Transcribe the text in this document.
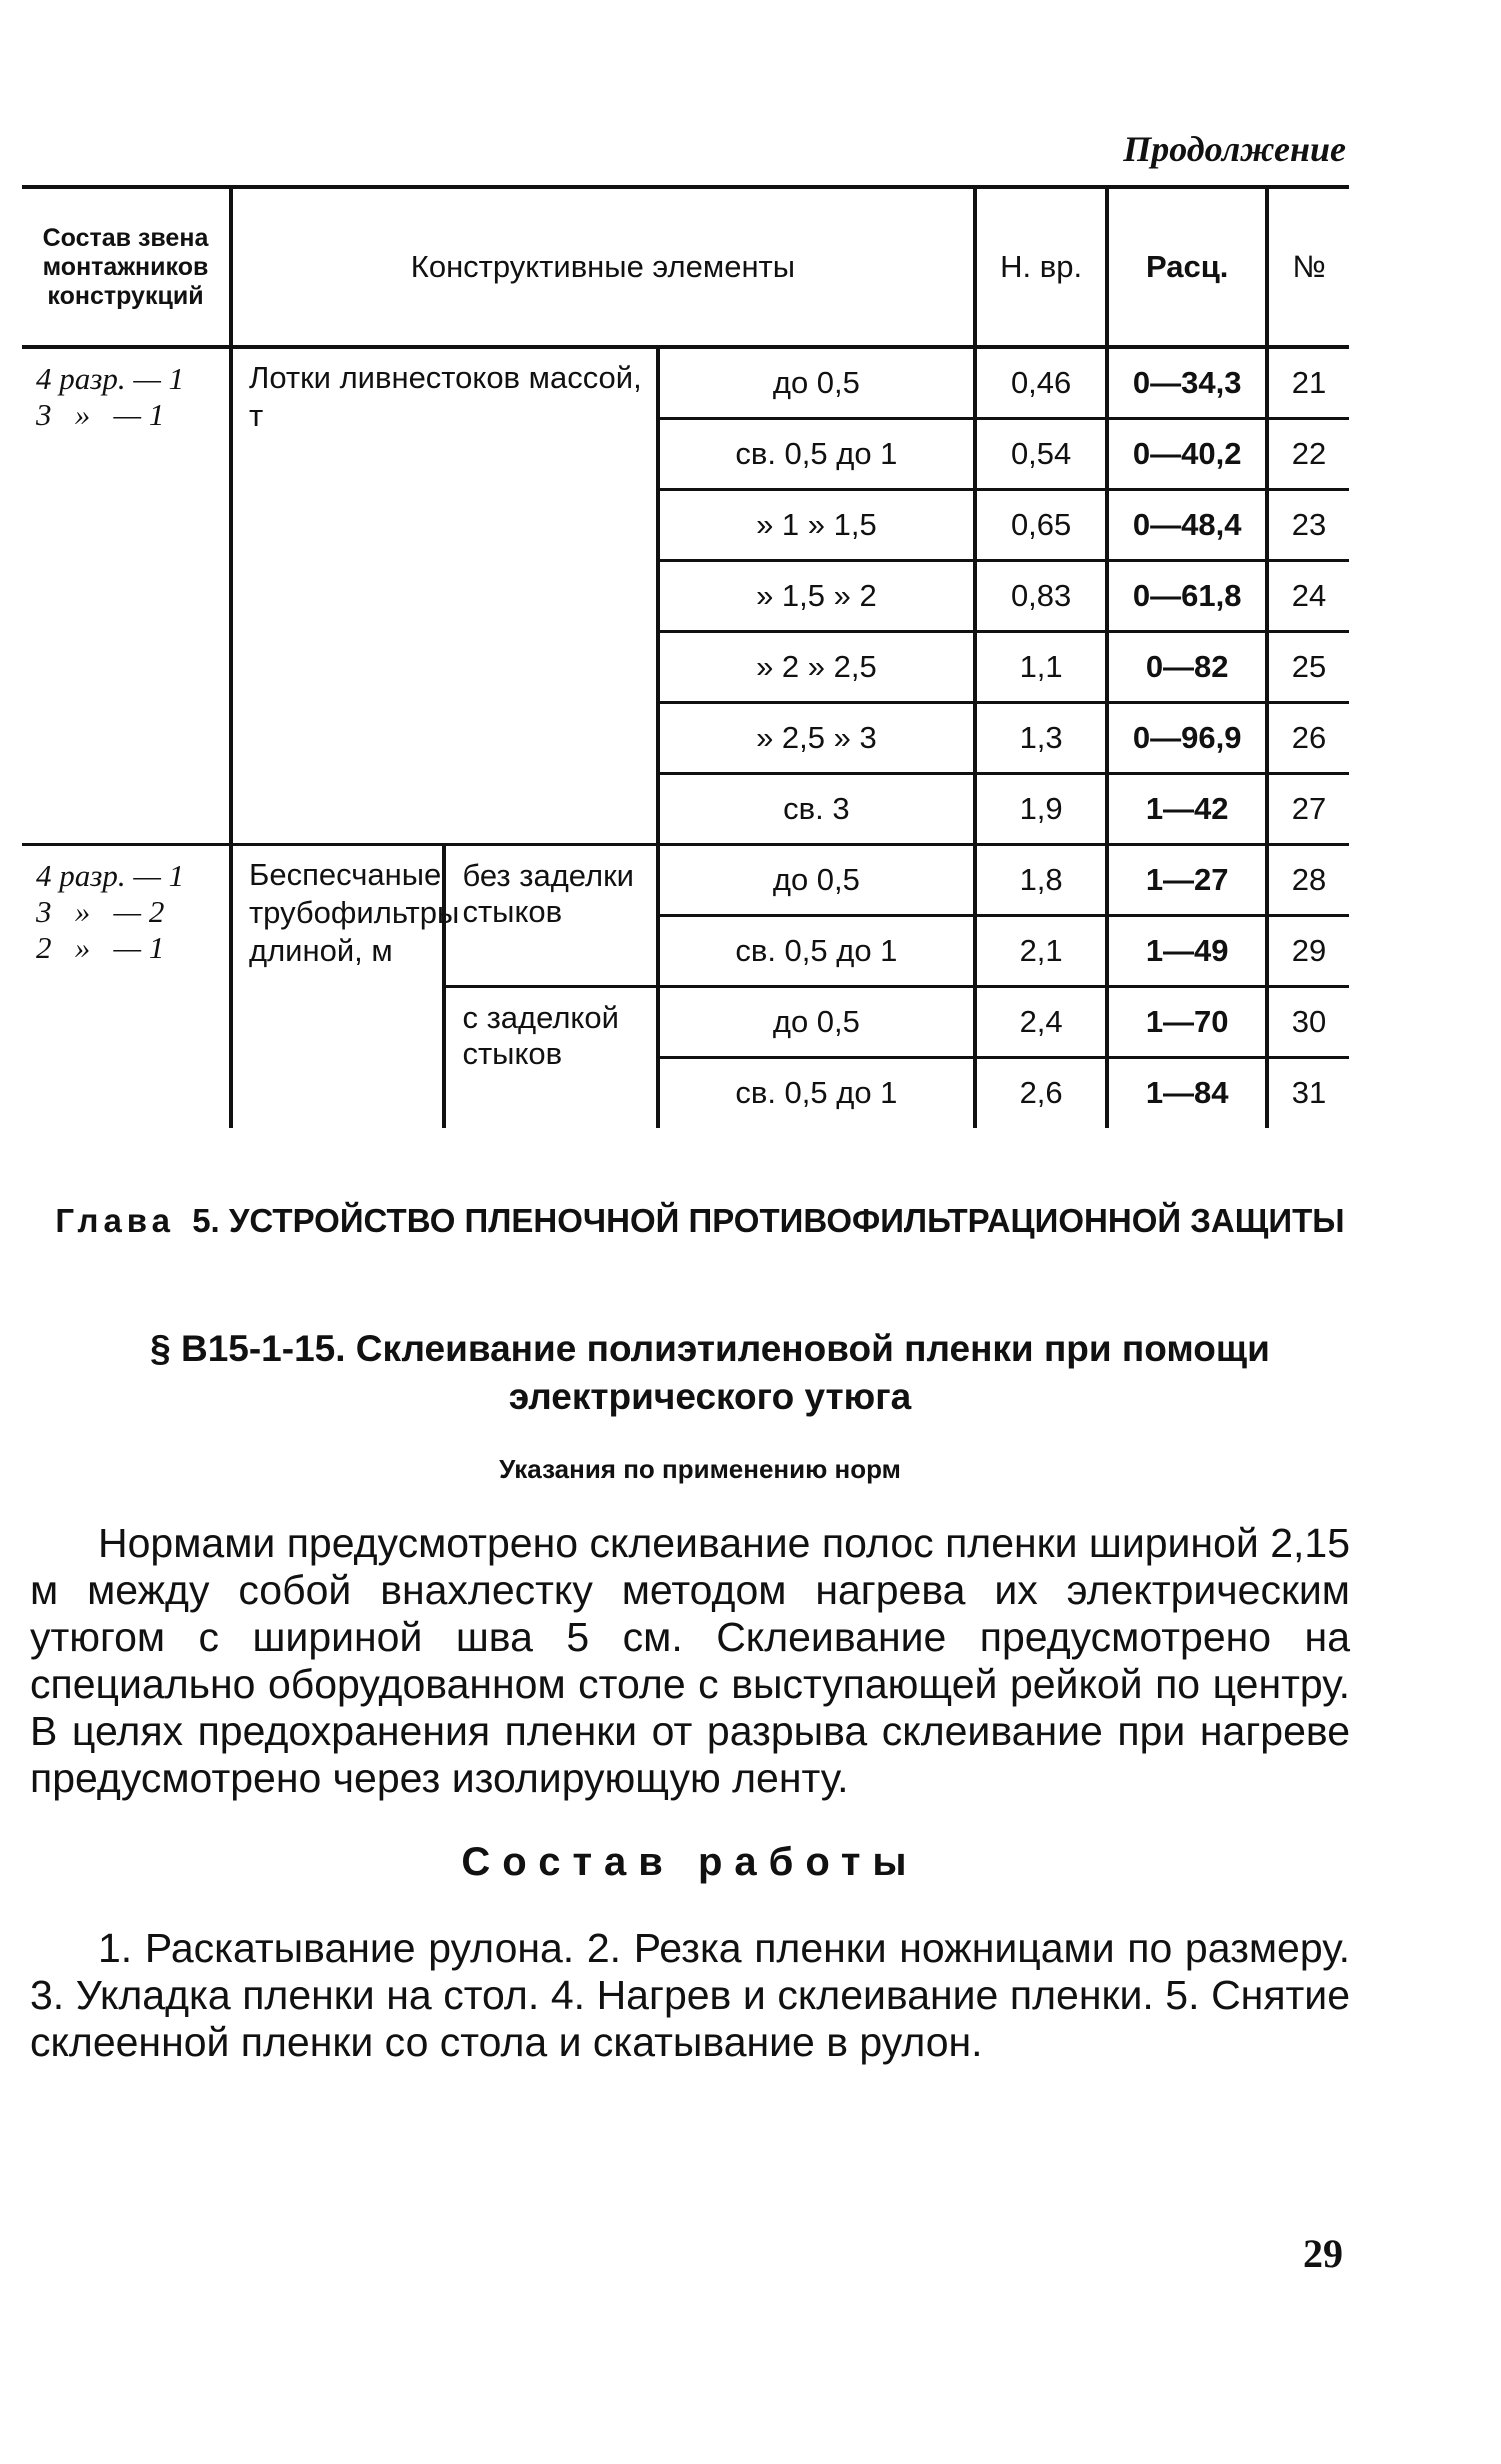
Продолжение
Состав звена
монтажников
конструкций	Конструктивные элементы			Н. вр.	Расц.	№

4 разр. — 1
3   »   — 1	Лотки ливнестоков массой, т		до 0,5	0,46	0—34,3	21
			св. 0,5 до 1	0,54	0—40,2	22
			» 1 » 1,5	0,65	0—48,4	23
			» 1,5 » 2	0,83	0—61,8	24
			» 2 » 2,5	1,1	0—82	25
			» 2,5 » 3	1,3	0—96,9	26
			св. 3	1,9	1—42	27

4 разр. — 1
3   »   — 2
2   »   — 1	Беспесчаные трубофильтры длиной, м	без заделки стыков	до 0,5	1,8	1—27	28
			св. 0,5 до 1	2,1	1—49	29
		с заделкой стыков	до 0,5	2,4	1—70	30
			св. 0,5 до 1	2,6	1—84	31
Глава 5. УСТРОЙСТВО ПЛЕНОЧНОЙ ПРОТИВОФИЛЬТРАЦИОННОЙ ЗАЩИТЫ
§ В15-1-15. Склеивание полиэтиленовой пленки при помощи электрического утюга
Указания по применению норм

Нормами предусмотрено склеивание полос пленки шириной 2,15 м между собой внахлестку методом нагрева их электрическим утюгом с шириной шва 5 см. Склеивание предусмотрено на специально оборудованном столе с выступающей рейкой по центру. В целях предохранения пленки от разрыва склеивание при нагреве предусмотрено через изолирующую ленту.

Состав работы

1. Раскатывание рулона. 2. Резка пленки ножницами по размеру. 3. Укладка пленки на стол. 4. Нагрев и склеивание пленки. 5. Снятие склеенной пленки со стола и скатывание в рулон.

29
